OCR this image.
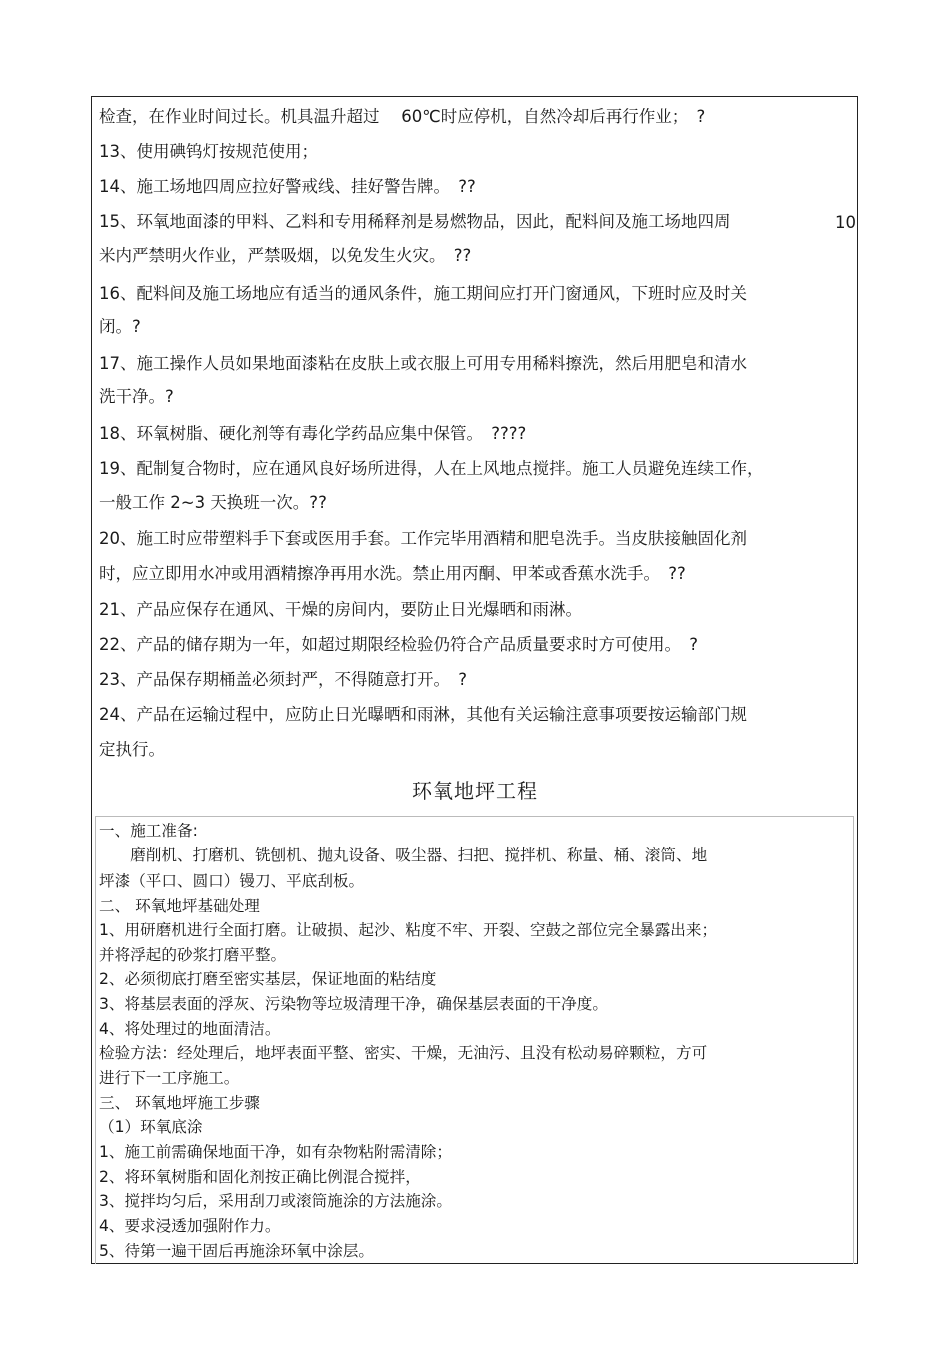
检查，在作业时间过长。机具温升超过　 60℃时应停机，自然冷却后再行作业；　?
13、使用碘钨灯按规范使用；
14、施工场地四周应拉好警戒线、挂好警告牌。　??
15、环氧地面漆的甲料、乙料和专用稀释剂是易燃物品，因此，配料间及施工场地四周
米内严禁明火作业，严禁吸烟，以免发生火灾。　??
16、配料间及施工场地应有适当的通风条件，施工期间应打开门窗通风，下班时应及时关
闭。?
17、施工操作人员如果地面漆粘在皮肤上或衣服上可用专用稀料擦洗，然后用肥皂和清水
洗干净。?
18、环氧树脂、硬化剂等有毒化学药品应集中保管。　????
19、配制复合物时，应在通风良好场所进得，人在上风地点搅拌。施工人员避免连续工作，
一般工作 2~3 天换班一次。??
20、施工时应带塑料手下套或医用手套。工作完毕用酒精和肥皂洗手。当皮肤接触固化剂
时，应立即用水冲或用酒精擦净再用水洗。禁止用丙酮、甲苯或香蕉水洗手。　??
21、产品应保存在通风、干燥的房间内，要防止日光爆晒和雨淋。
22、产品的储存期为一年，如超过期限经检验仍符合产品质量要求时方可使用。　?
23、产品保存期桶盖必须封严，不得随意打开。　?
24、产品在运输过程中，应防止日光曝晒和雨淋，其他有关运输注意事项要按运输部门规
定执行。
10
环氧地坪工程
一、施工准备:
　　磨削机、打磨机、铣刨机、抛丸设备、吸尘器、扫把、搅拌机、称量、桶、滚筒、地
坪漆（平口、圆口）镘刀、平底刮板。
二、 环氧地坪基础处理
1、用研磨机进行全面打磨。让破损、起沙、粘度不牢、开裂、空鼓之部位完全暴露出来；
并将浮起的砂浆打磨平整。
2、必须彻底打磨至密实基层，保证地面的粘结度
3、将基层表面的浮灰、污染物等垃圾清理干净，确保基层表面的干净度。
4、将处理过的地面清洁。
检验方法：经处理后，地坪表面平整、密实、干燥，无油污、且没有松动易碎颗粒，方可
进行下一工序施工。
三、 环氧地坪施工步骤
（1）环氧底涂
1、施工前需确保地面干净，如有杂物粘附需清除；
2、将环氧树脂和固化剂按正确比例混合搅拌，
3、搅拌均匀后，采用刮刀或滚筒施涂的方法施涂。
4、要求浸透加强附作力。
5、待第一遍干固后再施涂环氧中涂层。
